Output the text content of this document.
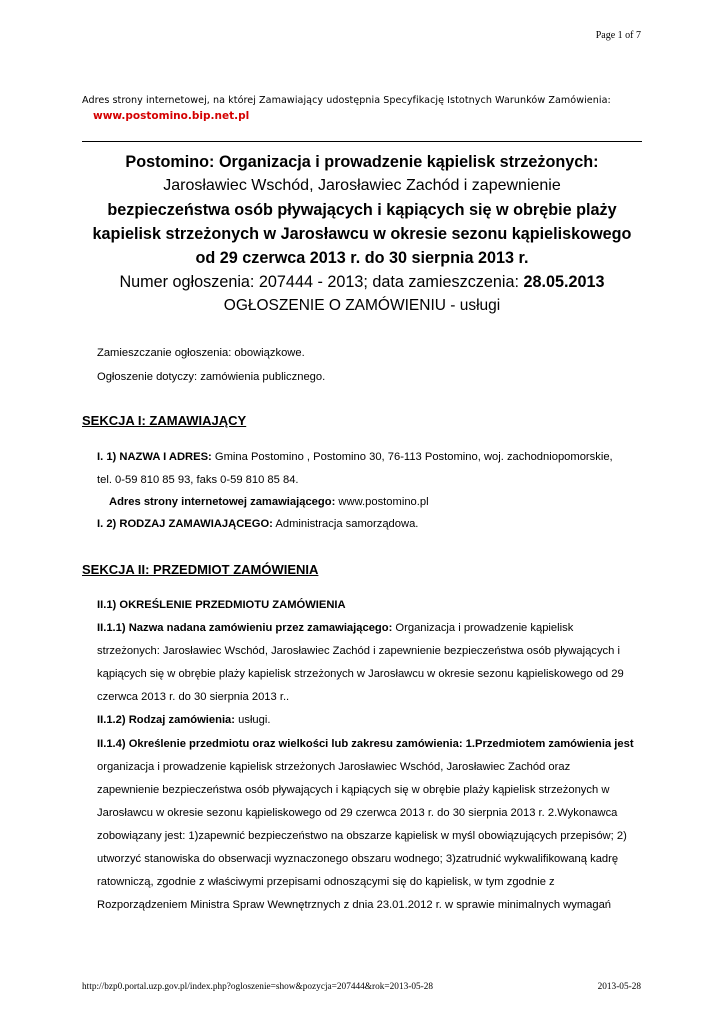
Page 1 of 7
Adres strony internetowej, na której Zamawiający udostępnia Specyfikację Istotnych Warunków Zamówienia:
www.postomino.bip.net.pl
Postomino: Organizacja i prowadzenie kąpielisk strzeżonych:
Jarosławiec Wschód, Jarosławiec Zachód i zapewnienie
bezpieczeństwa osób pływających i kąpiących się w obrębie plaży
kapielisk strzeżonych w Jarosławcu w okresie sezonu kąpieliskowego
od 29 czerwca 2013 r. do 30 sierpnia 2013 r.
Numer ogłoszenia: 207444 - 2013; data zamieszczenia: 28.05.2013
OGŁOSZENIE O ZAMÓWIENIU - usługi
Zamieszczanie ogłoszenia: obowiązkowe.
Ogłoszenie dotyczy: zamówienia publicznego.
SEKCJA I: ZAMAWIAJĄCY
I. 1) NAZWA I ADRES: Gmina Postomino , Postomino 30, 76-113 Postomino, woj. zachodniopomorskie,
tel. 0-59 810 85 93, faks 0-59 810 85 84.
Adres strony internetowej zamawiającego: www.postomino.pl
I. 2) RODZAJ ZAMAWIAJĄCEGO: Administracja samorządowa.
SEKCJA II: PRZEDMIOT ZAMÓWIENIA
II.1) OKREŚLENIE PRZEDMIOTU ZAMÓWIENIA
II.1.1) Nazwa nadana zamówieniu przez zamawiającego: Organizacja i prowadzenie kąpielisk
strzeżonych: Jarosławiec Wschód, Jarosławiec Zachód i zapewnienie bezpieczeństwa osób pływających i
kąpiących się w obrębie plaży kapielisk strzeżonych w Jarosławcu w okresie sezonu kąpieliskowego od 29
czerwca 2013 r. do 30 sierpnia 2013 r..
II.1.2) Rodzaj zamówienia: usługi.
II.1.4) Określenie przedmiotu oraz wielkości lub zakresu zamówienia: 1.Przedmiotem zamówienia jest
organizacja i prowadzenie kąpielisk strzeżonych Jarosławiec Wschód, Jarosławiec Zachód oraz
zapewnienie bezpieczeństwa osób pływających i kąpiących się w obrębie plaży kąpielisk strzeżonych w
Jarosławcu w okresie sezonu kąpieliskowego od 29 czerwca 2013 r. do 30 sierpnia 2013 r. 2.Wykonawca
zobowiązany jest: 1)zapewnić bezpieczeństwo na obszarze kąpielisk w myśl obowiązujących przepisów; 2)
utworzyć stanowiska do obserwacji wyznaczonego obszaru wodnego; 3)zatrudnić wykwalifikowaną kadrę
ratowniczą, zgodnie z właściwymi przepisami odnoszącymi się do kąpielisk, w tym zgodnie z
Rozporządzeniem Ministra Spraw Wewnętrznych z dnia 23.01.2012 r. w sprawie minimalnych wymagań
http://bzp0.portal.uzp.gov.pl/index.php?ogloszenie=show&pozycja=207444&rok=2013-05-28	2013-05-28
